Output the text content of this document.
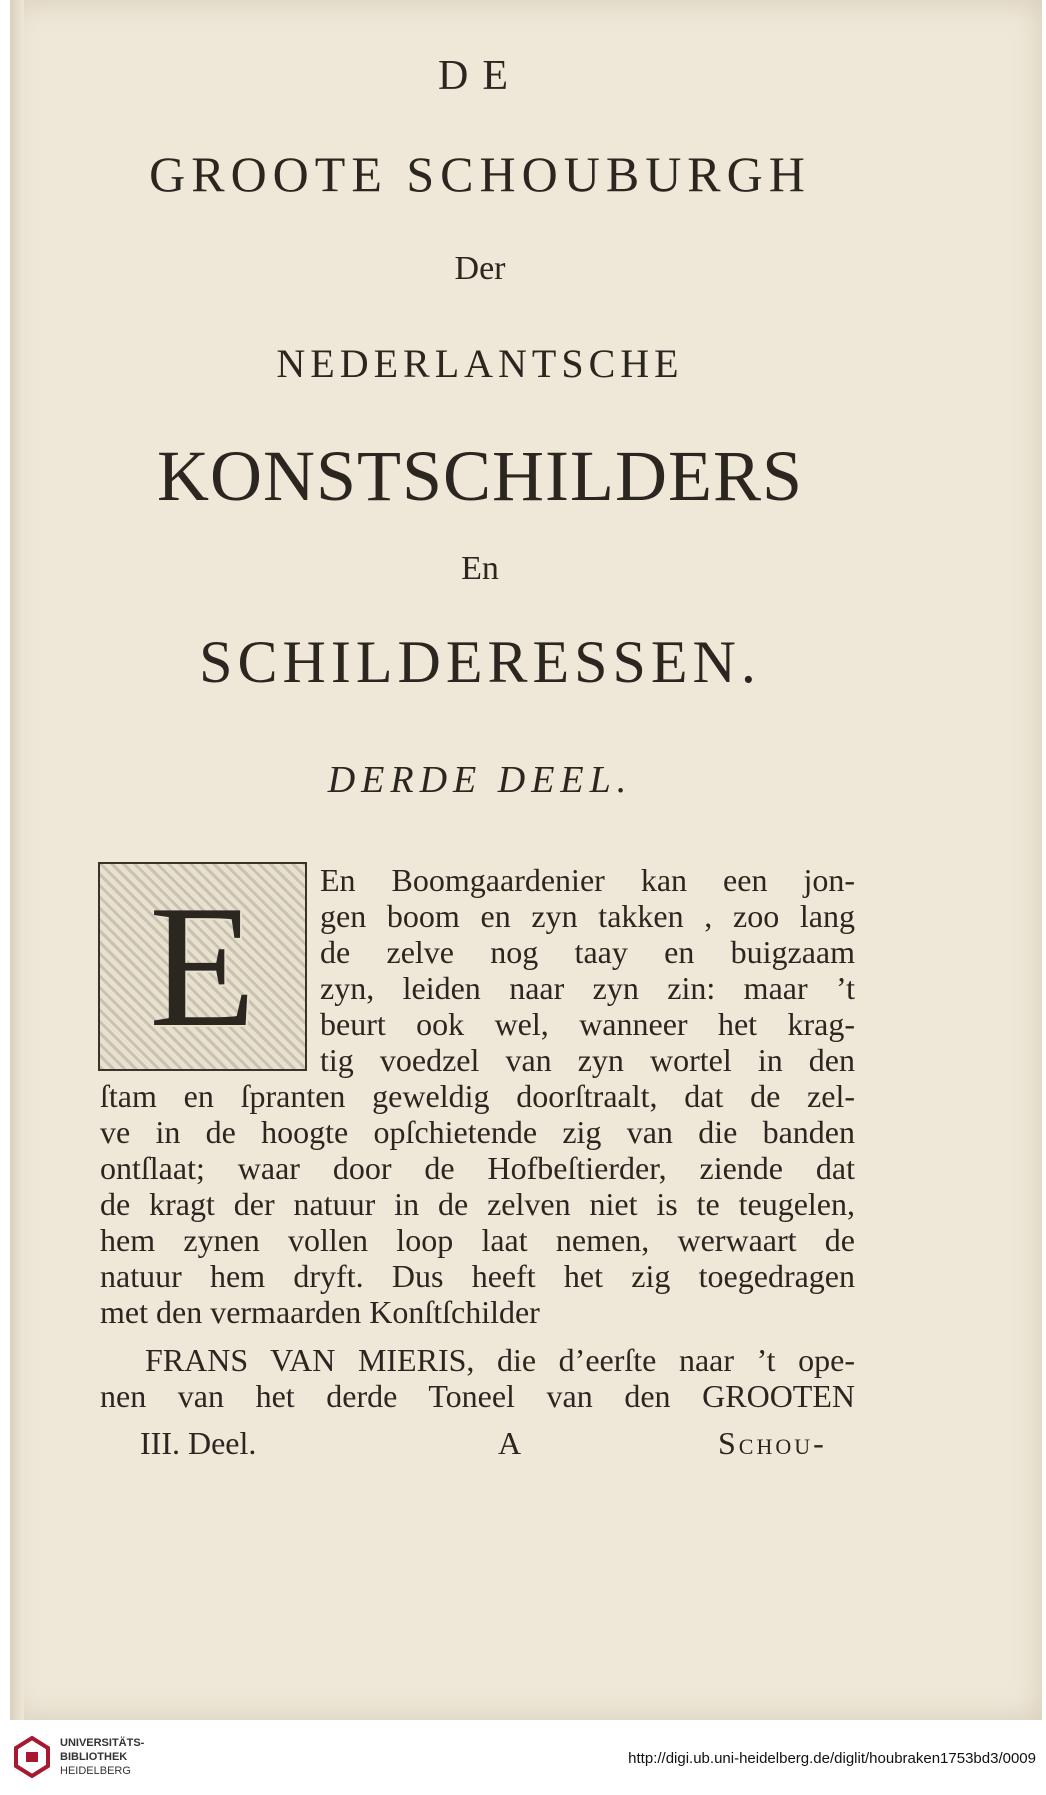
DE
GROOTE SCHOUBURGH
Der
NEDERLANTSCHE
KONSTSCHILDERS
En
SCHILDERESSEN.
DERDE DEEL.
E En Boomgaardenier kan een jon-
gen boom en zyn takken , zoo lang
de zelve nog taay en buigzaam
zyn, leiden naar zyn zin: maar ’t
beurt ook wel, wanneer het krag-
tig voedzel van zyn wortel in den
ſtam en ſpranten geweldig doorſtraalt, dat de zel-
ve in de hoogte opſchietende zig van die banden
ontſlaat; waar door de Hofbeſtierder, ziende dat
de kragt der natuur in de zelven niet is te teugelen,
hem zynen vollen loop laat nemen, werwaart de
natuur hem dryft. Dus heeft het zig toegedragen
met den vermaarden Konſtſchilder
FRANS VAN MIERIS, die d’eerſte naar ’t ope-
nen van het derde Toneel van den GROOTEN
III. Deel.	A	Schou-
UNIVERSITÄTS-
BIBLIOTHEK
HEIDELBERG
http://digi.ub.uni-heidelberg.de/diglit/houbraken1753bd3/0009
